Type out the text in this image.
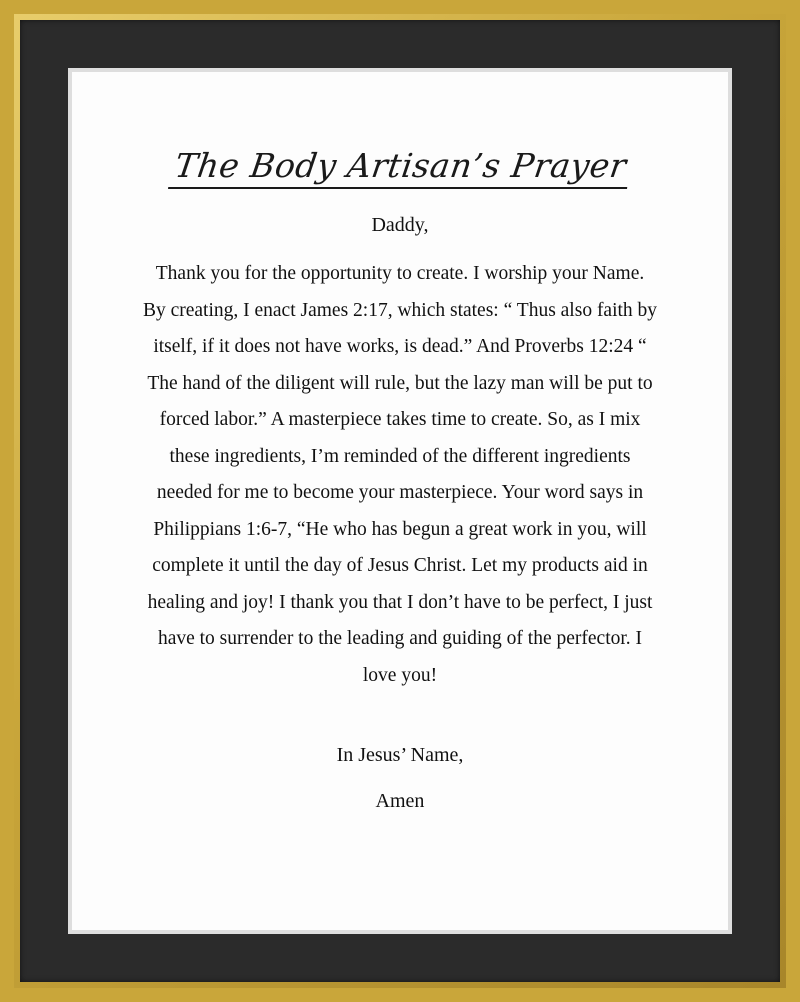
The Body Artisan’s Prayer
Daddy,
Thank you for the opportunity to create. I worship your Name. By creating, I enact James 2:17, which states: “ Thus also faith by itself, if it does not have works, is dead.” And Proverbs 12:24 “ The hand of the diligent will rule, but the lazy man will be put to forced labor.” A masterpiece takes time to create. So, as I mix these ingredients, I’m reminded of the different ingredients needed for me to become your masterpiece. Your word says in Philippians 1:6-7, “He who has begun a great work in you, will complete it until the day of Jesus Christ. Let my products aid in healing and joy! I thank you that I don’t have to be perfect, I just have to surrender to the leading and guiding of the perfector. I love you!
In Jesus’ Name,
Amen
